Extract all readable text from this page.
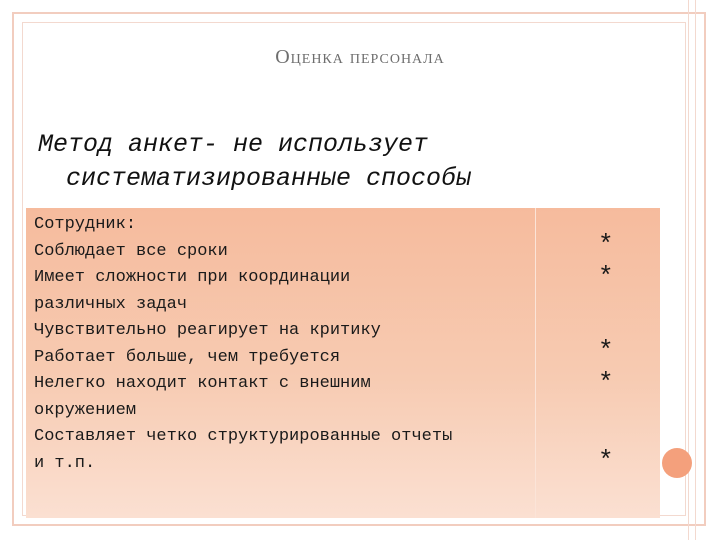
Оценка персонала
Метод анкет- не использует
систематизированные способы
Сотрудник:
Соблюдает все сроки
Имеет сложности при координации
различных задач
Чувствительно реагирует на критику
Работает больше, чем требуется
Нелегко находит контакт с внешним
окружением
Составляет четко структурированные отчеты
и т.п.
*
*
*
*
*
